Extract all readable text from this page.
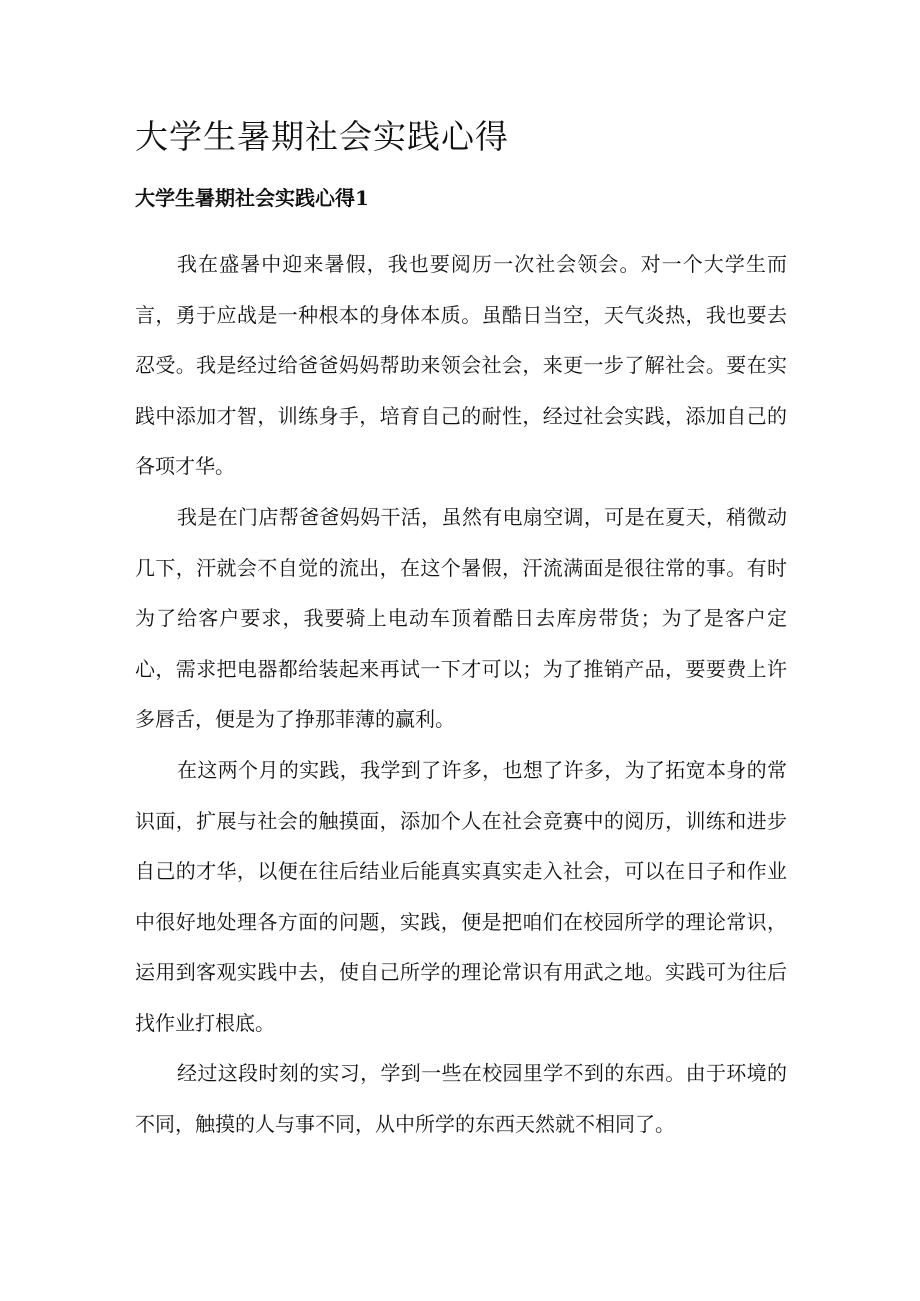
大学生暑期社会实践心得
大学生暑期社会实践心得1

我在盛暑中迎来暑假，我也要阅历一次社会领会。对一个大学生而言，勇于应战是一种根本的身体本质。虽酷日当空，天气炎热，我也要去忍受。我是经过给爸爸妈妈帮助来领会社会，来更一步了解社会。要在实践中添加才智，训练身手，培育自己的耐性，经过社会实践，添加自己的各项才华。

我是在门店帮爸爸妈妈干活，虽然有电扇空调，可是在夏天，稍微动几下，汗就会不自觉的流出，在这个暑假，汗流满面是很往常的事。有时为了给客户要求，我要骑上电动车顶着酷日去库房带货；为了是客户定心，需求把电器都给装起来再试一下才可以；为了推销产品，要要费上许多唇舌，便是为了挣那菲薄的赢利。

在这两个月的实践，我学到了许多，也想了许多，为了拓宽本身的常识面，扩展与社会的触摸面，添加个人在社会竞赛中的阅历，训练和进步自己的才华，以便在往后结业后能真实真实走入社会，可以在日子和作业中很好地处理各方面的问题，实践，便是把咱们在校园所学的理论常识，运用到客观实践中去，使自己所学的理论常识有用武之地。实践可为往后找作业打根底。

经过这段时刻的实习，学到一些在校园里学不到的东西。由于环境的不同，触摸的人与事不同，从中所学的东西天然就不相同了。
